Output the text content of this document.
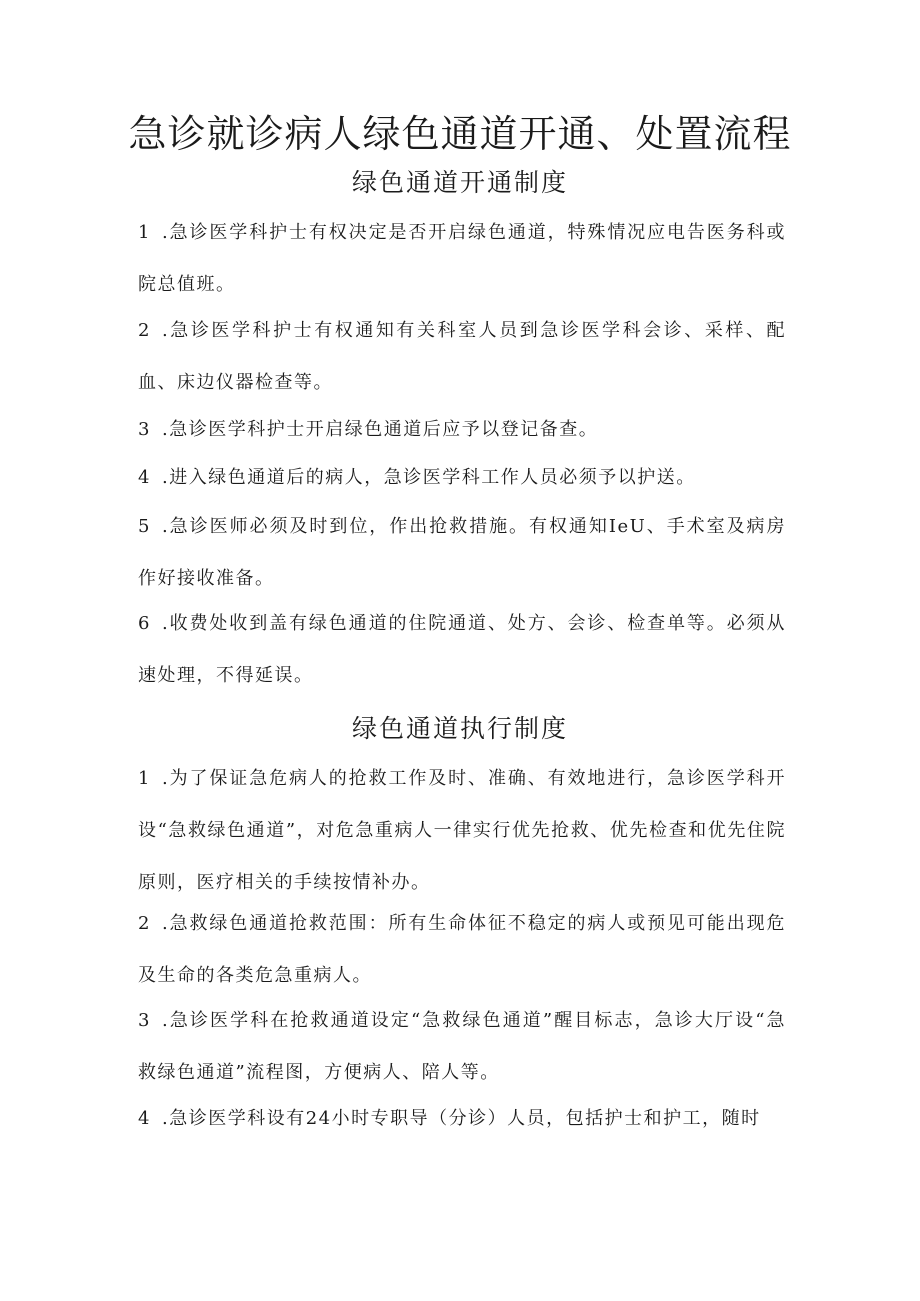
急诊就诊病人绿色通道开通、处置流程
绿色通道开通制度

1 .急诊医学科护士有权决定是否开启绿色通道，特殊情况应电告医务科或院总值班。

2 .急诊医学科护士有权通知有关科室人员到急诊医学科会诊、采样、配血、床边仪器检查等。

3 .急诊医学科护士开启绿色通道后应予以登记备查。

4 .进入绿色通道后的病人，急诊医学科工作人员必须予以护送。

5 .急诊医师必须及时到位，作出抢救措施。有权通知IeU、手术室及病房作好接收准备。

6 .收费处收到盖有绿色通道的住院通道、处方、会诊、检查单等。必须从速处理，不得延误。

绿色通道执行制度

1 .为了保证急危病人的抢救工作及时、准确、有效地进行，急诊医学科开设“急救绿色通道”，对危急重病人一律实行优先抢救、优先检查和优先住院原则，医疗相关的手续按情补办。

2 .急救绿色通道抢救范围：所有生命体征不稳定的病人或预见可能出现危及生命的各类危急重病人。

3 .急诊医学科在抢救通道设定“急救绿色通道”醒目标志，急诊大厅设“急救绿色通道”流程图，方便病人、陪人等。

4 .急诊医学科设有24小时专职导（分诊）人员，包括护士和护工，随时
